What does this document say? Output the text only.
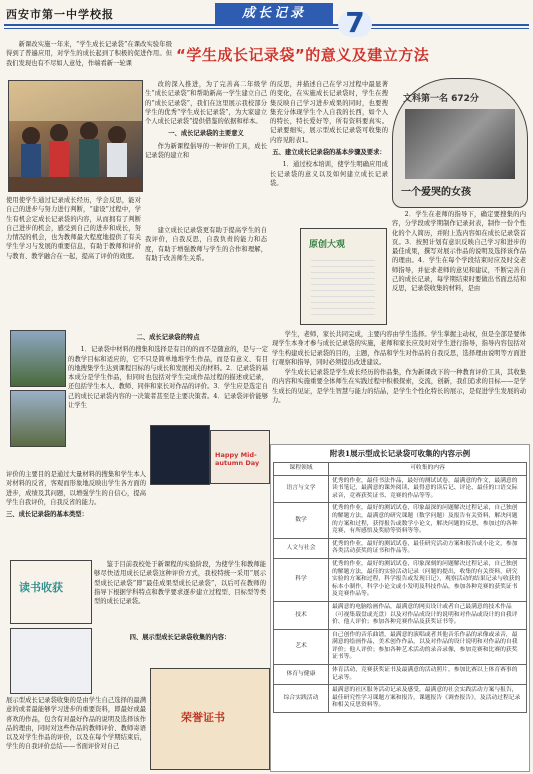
西安市第一中学校报	成长记录	7
“学生成长记录袋”的意义及建立方法

新课改实施一年来，“学生成长记录袋”在课改实验年级得到了普遍应用，对学生的成长起到了积极的促进作用。但我们发现也有不尽如人意处，作端看新一轮课

改的深入推进，为了完善高二年级学生“成长记录袋”和帮助新高一学生建立自己的“成长记录袋”，我们在这里展示我校部分学生的优秀“学生成长记录袋”，为大家建立个人成长记录袋”提供借鉴的依据和样本。

一、成长记录袋的主要意义

作为新课程倡导的一种评价工具，成长记录袋的建立和

的反思，并描述自己在学习过程中最显著的变化，在实施成长记录袋时，学生在搜集反映自己学习进步成果的同时，也要搜集充分体现学生个人自我的长西，如个人的特长，特长爱好等，所有资料要真实。记录要细实，展示型成长记录袋可收集的内容见附表1。

五、建立成长记录袋的基本步骤及要求：

1．通过校本培训，使学生明确应用成长记录袋的意义以及如何建立成长记录袋。

文科第一名 672分
一个爱哭的女孩

使用使学生通过记录成长经历，学会反思，能对自己的进步与努力进行判断，“建设”过程中，学生有机会定成长记录袋的内容，从而拥有了判断自己进步的机会，感受到自己的进步和成长，努力情况的机会，也为教师最大程度地提供了有关学生学习与发展的重要信息，有助于教师和评价与教育、教学融合在一起，提高了评价的效度。

建立成长记录袋更有助于提高学生的自我评价，自我反思，自我负责的能力和态度，有助于增强教师与学生的合作和理解，有助于改善师生关系。

2．学生在老师的指导下，确定要搜集的内容，分学段或学期制作记录封表，制作一份个性化的个人简历，并附上选内容如在成长记录袋首页。3．按照计划有意识反映自己学习和进步的最佳成果，撰写对展示作品的说明及选择该作品的理由。4．学生在每个学段结束时应及时交老师指导，并征求老师的意见和建议，不断完善自己的成长记录，每学期结束时要做出书面总结和反思，记录袋收集的材料，是由

原创大观

二、成长记录袋的特点

1．记录袋中材料的搜集和选择是有目的的而不是随意的，是与一定的教学目标和适应的，它不只是简单地堆学生作品，而是有意义、有目的地搜集学生达到课程目标的与成长和发展相关的材料。2．记录袋的基本成分是学生作品，但同时也包括对学生完成作品过程的描述或记录，还包括学生本人、教师、同伴和家长对作品的评价。3．学生应是选定自己的成长记录袋内容的一决策者甚至是主要决策者。4．记录袋评价能够让学生

Happy Mid-autumn Day

评价的主要目的是通过大量材料的搜集和学生本人对材料的反省，客观而形象地反映出学生各方面的进步，成绩及其问题，以增强学生的自信心，提高学生自我评价，自我反省的能力。

三、成长记录袋的基本类型：

读书收获

鉴于目前我校处于新课程的实验阶段，为使学生和教师能够尽快适用成长记录袋这种评价方式，我校特统一采用“展示型成长记录袋”即“最佳成果型成长记录袋”，以后可在教师的指导下根据学科特点和教学要求逐步建立过程型、目标型等类型的成长记录袋。

四、展示型成长记录袋收集的内容：

荣誉证书

展示型成长记录袋收集的是由学生自己选择的最满意的或者最能够学习进步的重要资料，即最好或最喜欢的作品，包含有对最好作品的说明及选择该作品的理由，同时对这些作品的教师评价、教师寄语以及对学生作品的评价，以及在每个学期结束后，学生的自我评价总结——书面评价对自己

学生，老师，家长共同完成，主要内容由学生选择。学生掌握主动权，但是全部是要体现学生本身才参与成长记录袋的实施，老师和家长应及时对学生进行指导，指导内容包括对学生构建成长记录袋的目的，主题，作品和学生对作品的自我反思，选择理由说明等方面进行观察和指导，同时必须提出改进建议。

学生成长记录袋是学生成长经历的作品集，作为新课改下的一种教育评价工具，其收集的内容和实施重要全体师生在实践过程中积极探索，交流，创新，我们追求的目标——是学生成长的见证，是学生智慧与能力的结晶，是学生个性化特长的展示，是促进学生发展的动力。

附表1展示型成长记录袋可收集的内容示例
课程领域	可收集的内容
语言与文学	优秀的作业，最佳书法作品，最好的测试试卷，最满意的作文，最满意的读书笔记，最满意的课外阅读、最得意的读后记、评论、最佳的口语交际录音，竞赛获奖证书、竞赛的作品等等。
数学	优秀的作业，最好的测试试卷，印象最深的问题解决过程记录，自己独创的解题方法，最满意的研究课题（数学问题）及报告有关资料，解决问题的方案和过程，获得报告或数学小论文，解决问题的反思，参加过的各种竞赛，有所感悟及奖励等资料等等。
人文与社会	优秀的作业，最好的测试试卷，最佳研究活动方案和报告或小论文，参加各类活动获奖的证书和作品等。
科学	优秀的作业，最好的测试试卷，印象深刻的问题解决过程记录，自己独创的解题方法，最佳的实验活动记录（问题的提出，收集的有关资料，研究实验的方案和过程，科学报告或发现日记），观察活动的结果记录与收获的标本小制作，科学小论文或小发明及科技作品，参加各种竞赛的获奖证书及竞赛作品等。
技术	最满意的电脑绘画作品，最满意的网页设计或者自己最满意的技术作品（可视集载盘或光盘）以及对作品成设计的说明和对作品或设计的自我评价、他人评价；参加各种竞赛作品及获奖证书等。
艺术	自己创作的音乐曲谱，最满意的演唱或者其他音乐作品的录像或录音，最满意的绘画作品，美术创作作品，以及对作品的设计说明和对作品的自我评价；他人评价；参加各种艺术活动的录音录像，参加竞赛和比赛的获奖证书等。
体育与健康	体育活动，竞赛获奖证书及最满意的活动照片，参加比赛以上体育赛事的记录等。
综合实践活动	最满意的社区服务活动记录及感受，最满意的社会实践活动方案与报告，最佳研究性学习课题方案和报告，课题报告《调查报告》，及活动过程记录和相关反思资料等。
